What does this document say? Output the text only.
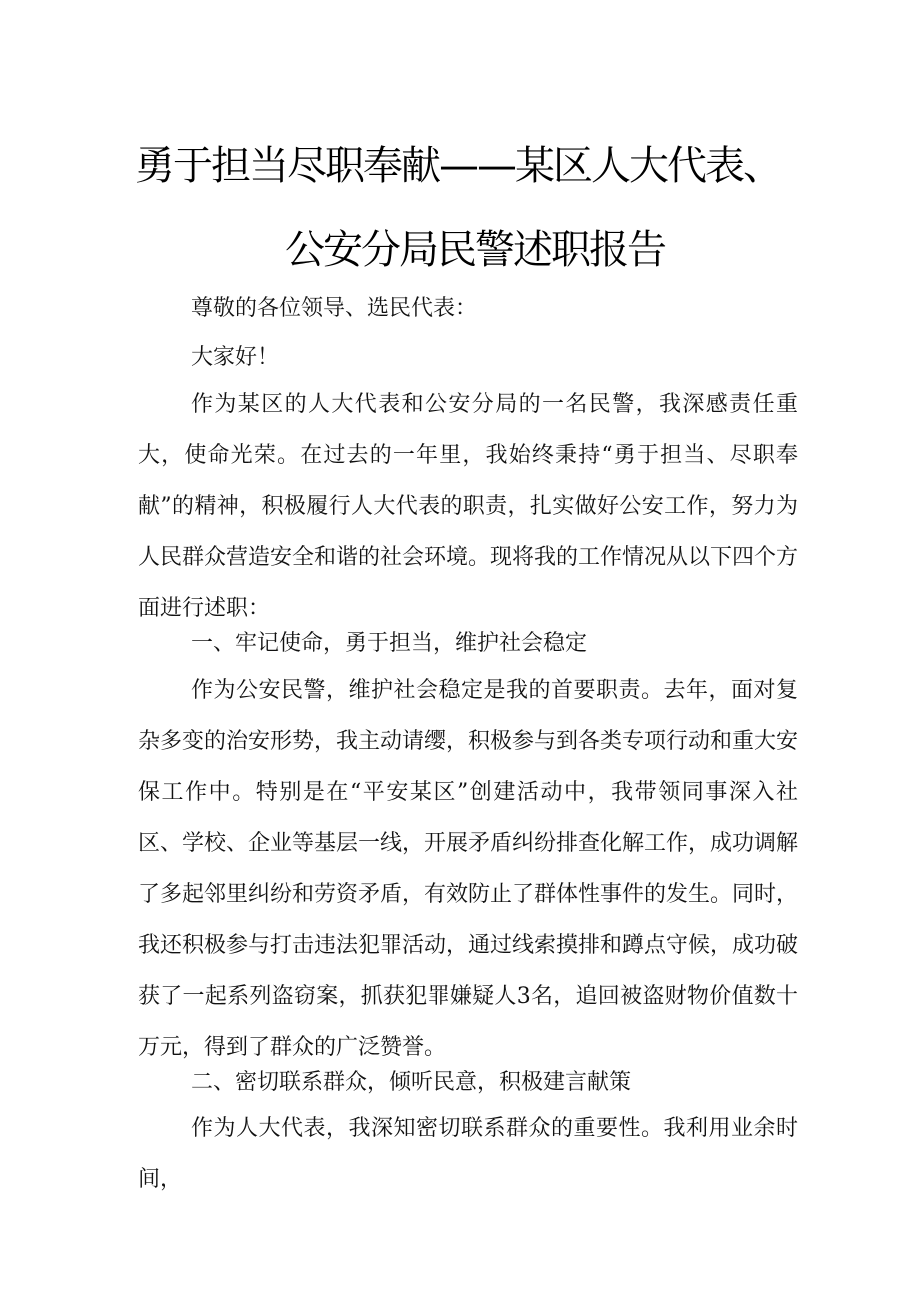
勇于担当尽职奉献——某区人大代表、
公安分局民警述职报告
尊敬的各位领导、选民代表：
大家好！

作为某区的人大代表和公安分局的一名民警，我深感责任重大，使命光荣。在过去的一年里，我始终秉持“勇于担当、尽职奉献”的精神，积极履行人大代表的职责，扎实做好公安工作，努力为人民群众营造安全和谐的社会环境。现将我的工作情况从以下四个方面进行述职：

一、牢记使命，勇于担当，维护社会稳定

作为公安民警，维护社会稳定是我的首要职责。去年，面对复杂多变的治安形势，我主动请缨，积极参与到各类专项行动和重大安保工作中。特别是在“平安某区”创建活动中，我带领同事深入社区、学校、企业等基层一线，开展矛盾纠纷排查化解工作，成功调解了多起邻里纠纷和劳资矛盾，有效防止了群体性事件的发生。同时，我还积极参与打击违法犯罪活动，通过线索摸排和蹲点守候，成功破获了一起系列盗窃案，抓获犯罪嫌疑人3名，追回被盗财物价值数十万元，得到了群众的广泛赞誉。

二、密切联系群众，倾听民意，积极建言献策

作为人大代表，我深知密切联系群众的重要性。我利用业余时间，
